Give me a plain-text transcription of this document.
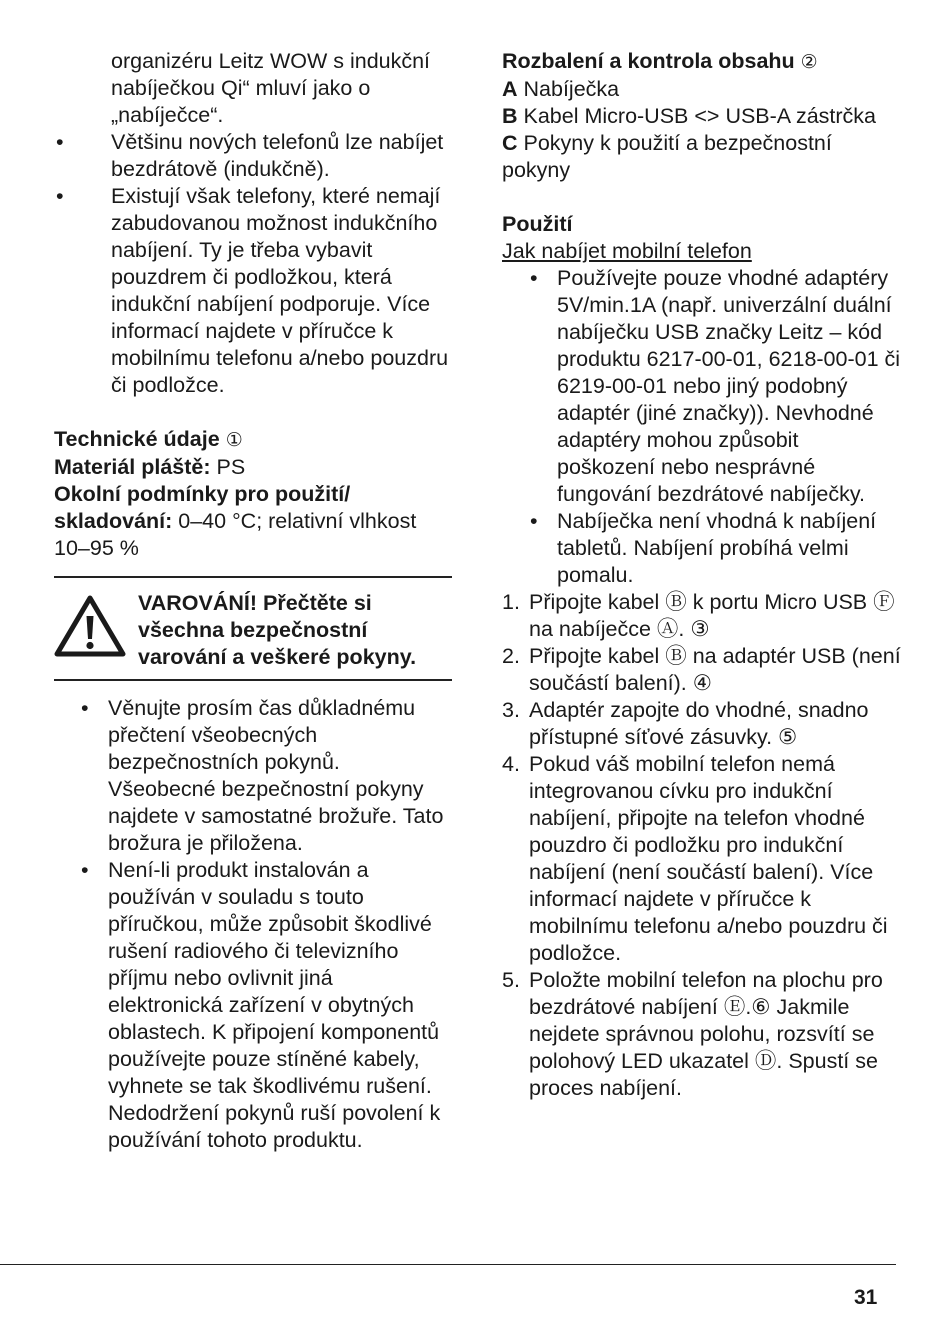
organizéru Leitz WOW s indukční nabíječkou Qi“ mluví jako o „nabíječce“.

• Většinu nových telefonů lze nabíjet bezdrátově (indukčně).
• Existují však telefony, které nemají zabudovanou možnost indukčního nabíjení. Ty je třeba vybavit pouzdrem či podložkou, která indukční nabíjení podporuje. Více informací najdete v příručce k mobilnímu telefonu a/nebo pouzdru či podložce.

Technické údaje ①

Materiál pláště: PS

Okolní podmínky pro použití/ skladování: 0–40 °C; relativní vlhkost 10–95 %

VAROVÁNÍ! Přečtěte si všechna bezpečnostní varování a veškeré pokyny.
• Věnujte prosím čas důkladnému přečtení všeobecných bezpečnostních pokynů. Všeobecné bezpečnostní pokyny najdete v samostatné brožuře. Tato brožura je přiložena.
• Není-li produkt instalován a používán v souladu s touto příručkou, může způsobit škodlivé rušení radiového či televizního příjmu nebo ovlivnit jiná elektronická zařízení v obytných oblastech. K připojení komponentů používejte pouze stíněné kabely, vyhnete se tak škodlivému rušení. Nedodržení pokynů ruší povolení k používání tohoto produktu.

Rozbalení a kontrola obsahu ②

A Nabíječka

B Kabel Micro-USB <> USB-A zástrčka

C Pokyny k použití a bezpečnostní pokyny

Použití

Jak nabíjet mobilní telefon

• Používejte pouze vhodné adaptéry 5V/min.1A (např. univerzální duální nabíječku USB značky Leitz – kód produktu 6217-00-01, 6218-00-01 či 6219-00-01 nebo jiný podobný adaptér (jiné značky)). Nevhodné adaptéry mohou způsobit poškození nebo nesprávné fungování bezdrátové nabíječky.
• Nabíječka není vhodná k nabíjení tabletů. Nabíjení probíhá velmi pomalu.
1. Připojte kabel Ⓑ k portu Micro USB Ⓕ na nabíječce Ⓐ. ③
2. Připojte kabel Ⓑ na adaptér USB (není součástí balení). ④
3. Adaptér zapojte do vhodné, snadno přístupné síťové zásuvky. ⑤
4. Pokud váš mobilní telefon nemá integrovanou cívku pro indukční nabíjení, připojte na telefon vhodné pouzdro či podložku pro indukční nabíjení (není součástí balení). Více informací najdete v příručce k mobilnímu telefonu a/nebo pouzdru či podložce.
5. Položte mobilní telefon na plochu pro bezdrátové nabíjení Ⓔ.⑥ Jakmile nejdete správnou polohu, rozsvítí se polohový LED ukazatel Ⓓ. Spustí se proces nabíjení.
31
